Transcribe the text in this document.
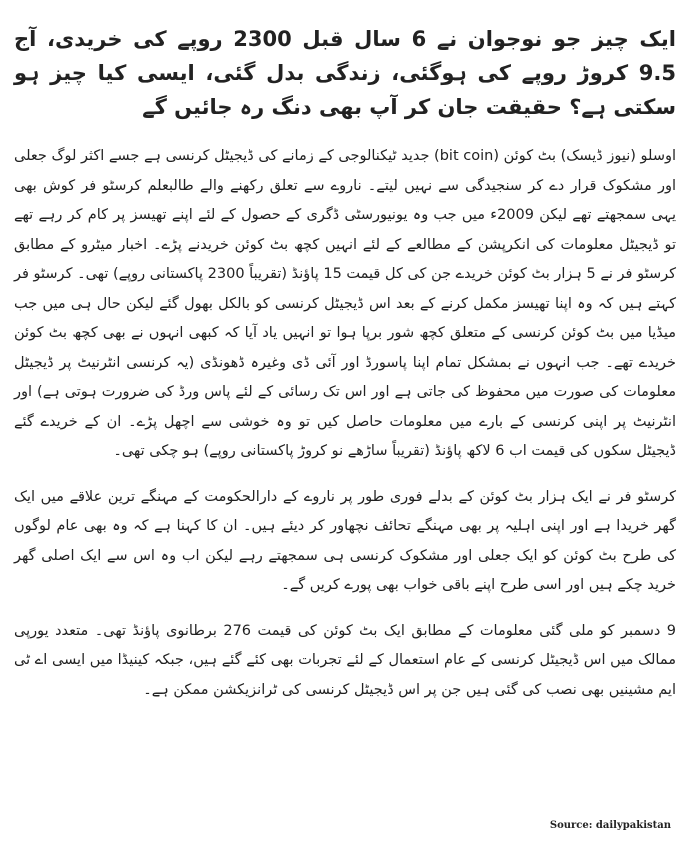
ایک چیز جو نوجوان نے 6 سال قبل 2300 روپے کی خریدی، آج 9.5 کروڑ روپے کی ہوگئی، زندگی بدل گئی، ایسی کیا چیز ہو سکتی ہے؟ حقیقت جان کر آپ بھی دنگ رہ جائیں گے

اوسلو (نیوز ڈیسک) بٹ کوئن (bit coin) جدید ٹیکنالوجی کے زمانے کی ڈیجیٹل کرنسی ہے جسے اکثر لوگ جعلی اور مشکوک قرار دے کر سنجیدگی سے نہیں لیتے۔ ناروے سے تعلق رکھنے والے طالبعلم کرسٹو فر کوش بھی یہی سمجھتے تھے لیکن 2009ء میں جب وہ یونیورسٹی ڈگری کے حصول کے لئے اپنے تھیسز پر کام کر رہے تھے تو ڈیجیٹل معلومات کی انکرپشن کے مطالعے کے لئے انہیں کچھ بٹ کوئن خریدنے پڑے۔ اخبار میٹرو کے مطابق کرسٹو فر نے 5 ہزار بٹ کوئن خریدے جن کی کل قیمت 15 پاﺅنڈ (تقریباً 2300 پاکستانی روپے) تھی۔ کرسٹو فر کہتے ہیں کہ وہ اپنا تھیسز مکمل کرنے کے بعد اس ڈیجیٹل کرنسی کو بالکل بھول گئے لیکن حال ہی میں جب میڈیا میں بٹ کوئن کرنسی کے متعلق کچھ شور برپا ہوا تو انہیں یاد آیا کہ کبھی انہوں نے بھی کچھ بٹ کوئن خریدے تھے۔ جب انہوں نے بمشکل تمام اپنا پاسورڈ اور آئی ڈی وغیرہ ڈھونڈی (یہ کرنسی انٹرنیٹ پر ڈیجیٹل معلومات کی صورت میں محفوظ کی جاتی ہے اور اس تک رسائی کے لئے پاس ورڈ کی ضرورت ہوتی ہے) اور انٹرنیٹ پر اپنی کرنسی کے بارے میں معلومات حاصل کیں تو وہ خوشی سے اچھل پڑے۔ ان کے خریدے گئے ڈیجیٹل سکوں کی قیمت اب 6 لاکھ پاﺅنڈ (تقریباً ساڑھے نو کروڑ پاکستانی روپے) ہو چکی تھی۔

کرسٹو فر نے ایک ہزار بٹ کوئن کے بدلے فوری طور پر ناروے کے دارالحکومت کے مہنگے ترین علاقے میں ایک گھر خریدا ہے اور اپنی اہلیہ پر بھی مہنگے تحائف نچھاور کر دیئے ہیں۔ ان کا کہنا ہے کہ وہ بھی عام لوگوں کی طرح بٹ کوئن کو ایک جعلی اور مشکوک کرنسی ہی سمجھتے رہے لیکن اب وہ اس سے ایک اصلی گھر خرید چکے ہیں اور اسی طرح اپنے باقی خواب بھی پورے کریں گے۔

9 دسمبر کو ملی گئی معلومات کے مطابق ایک بٹ کوئن کی قیمت 276 برطانوی پاﺅنڈ تھی۔ متعدد یورپی ممالک میں اس ڈیجیٹل کرنسی کے عام استعمال کے لئے تجربات بھی کئے گئے ہیں، جبکہ کینیڈا میں ایسی اے ٹی ایم مشینیں بھی نصب کی گئی ہیں جن پر اس ڈیجیٹل کرنسی کی ٹرانزیکشن ممکن ہے۔

Source: dailypakistan
